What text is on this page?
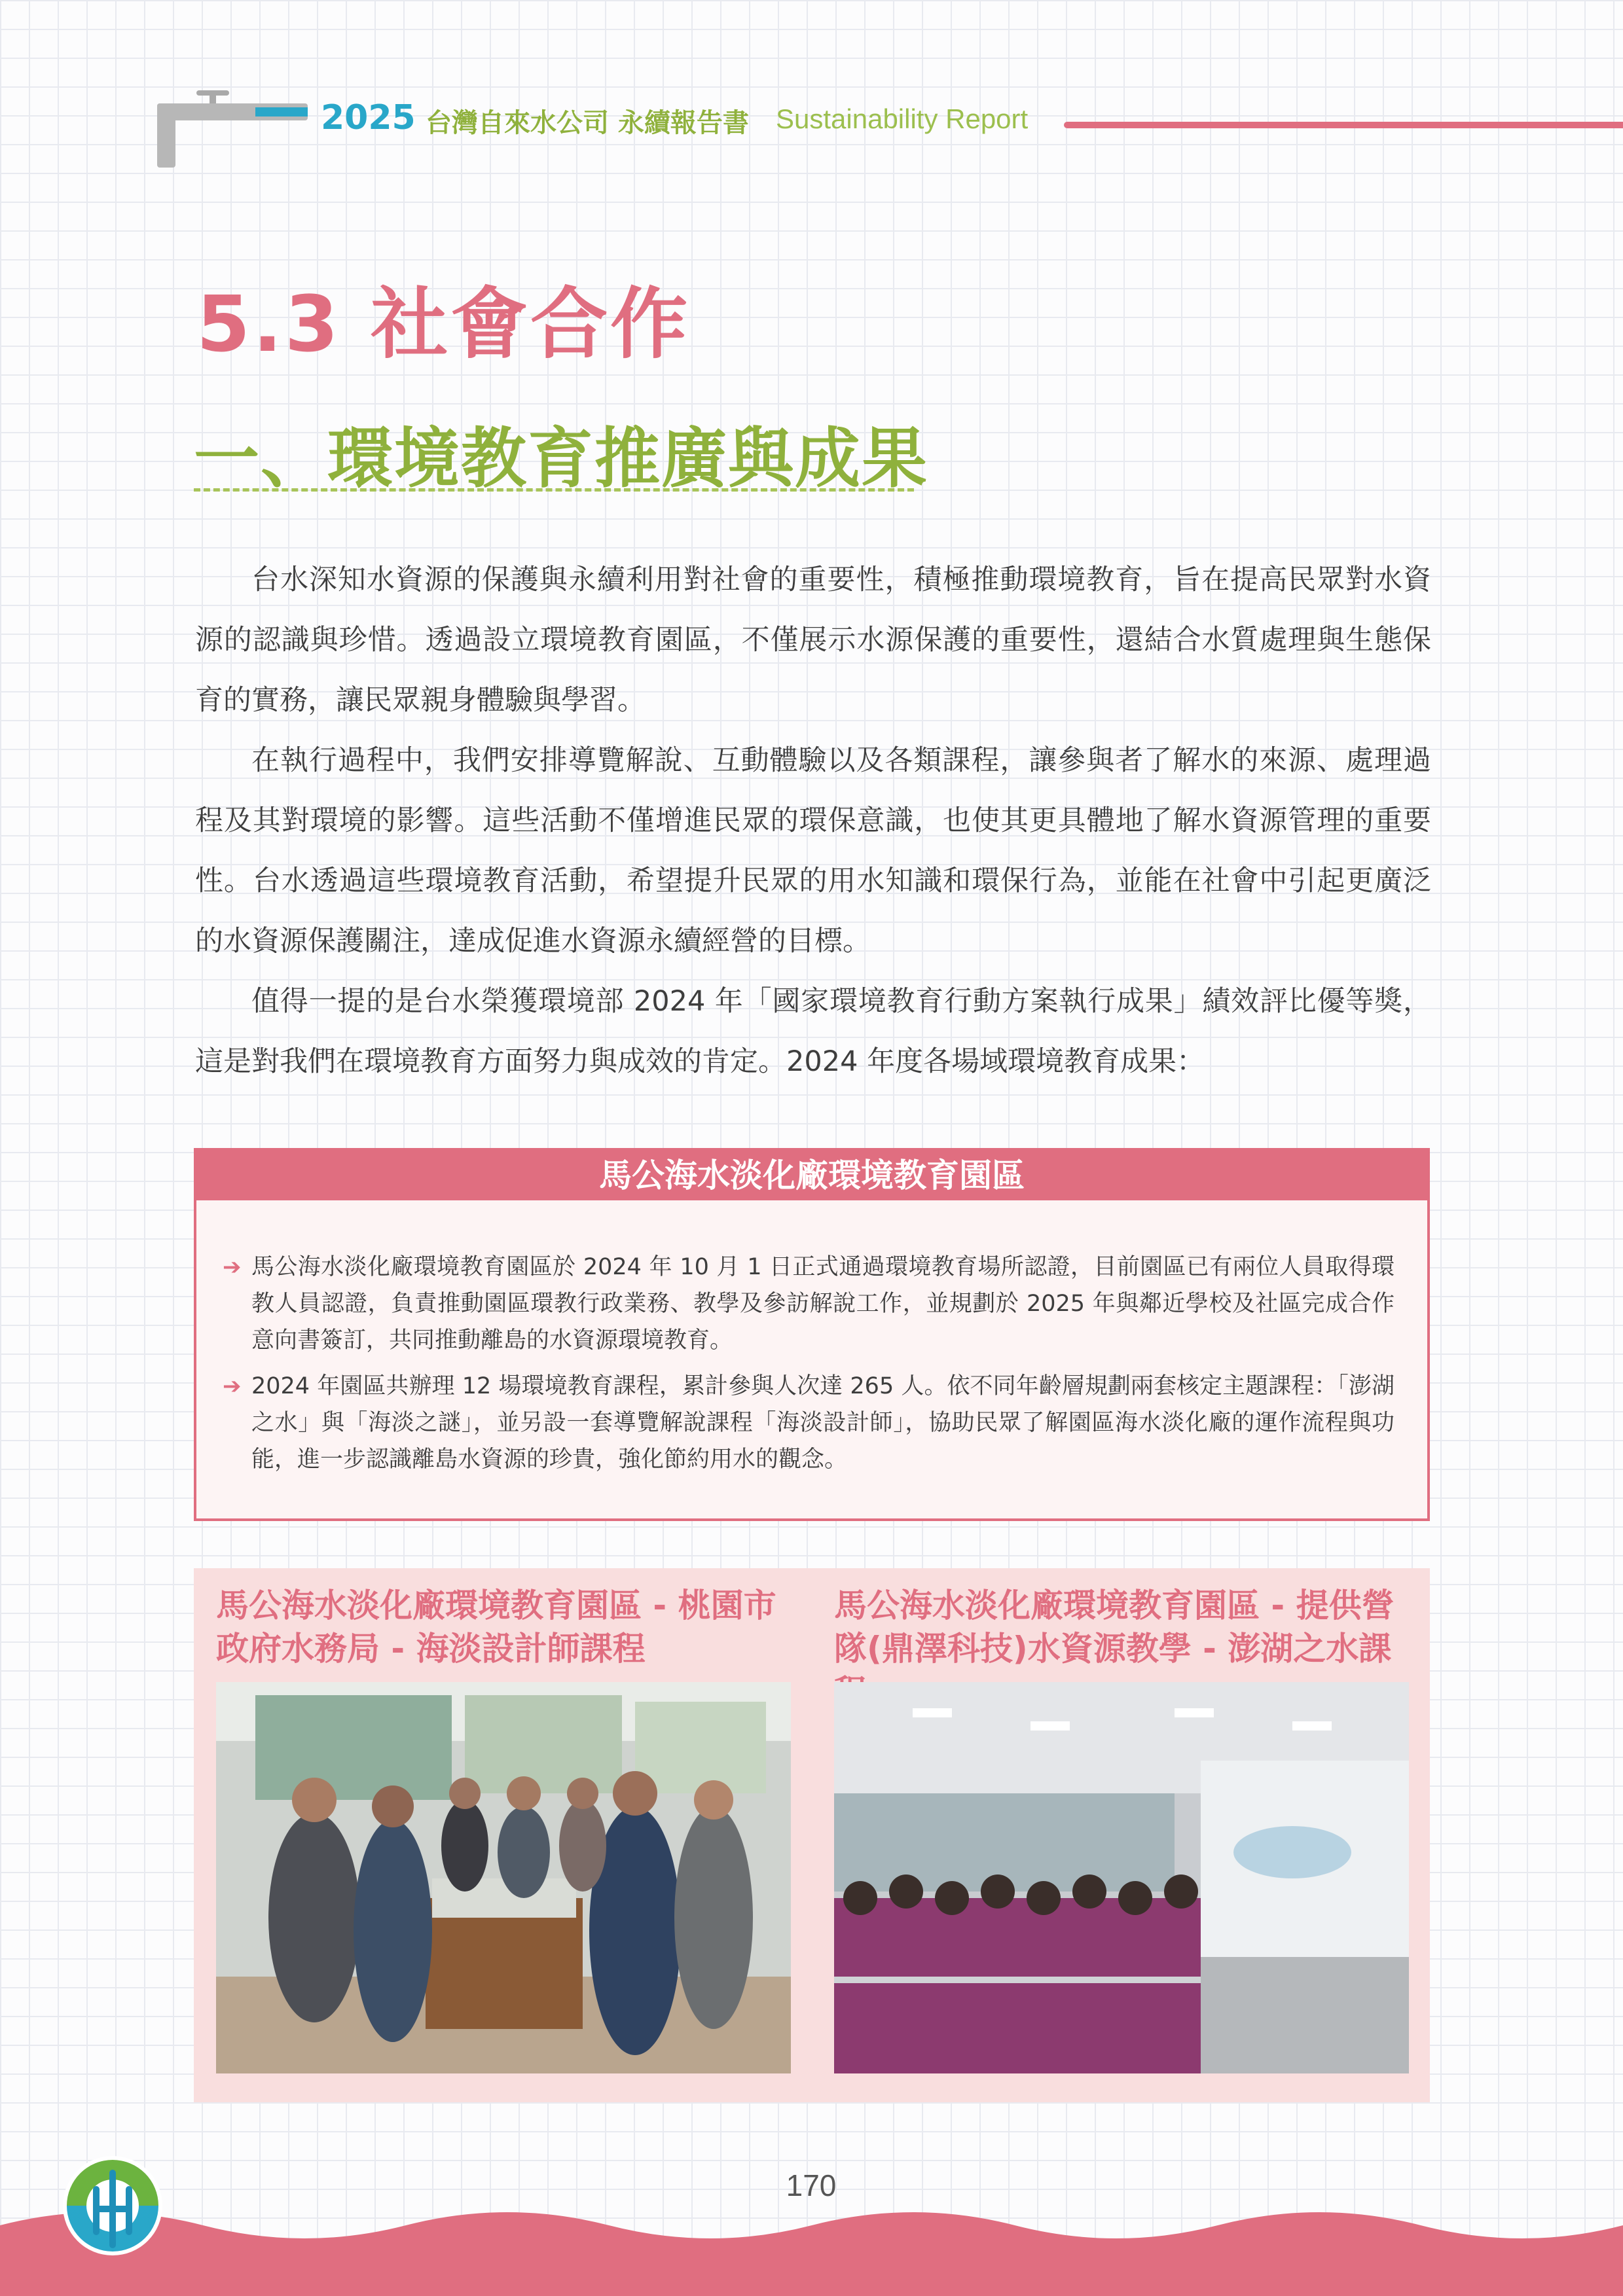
2025 台灣自來水公司 永續報告書 Sustainability Report
5.3 社會合作
一、環境教育推廣與成果

台水深知水資源的保護與永續利用對社會的重要性，積極推動環境教育，旨在提高民眾對水資源的認識與珍惜。透過設立環境教育園區，不僅展示水源保護的重要性，還結合水質處理與生態保育的實務，讓民眾親身體驗與學習。

在執行過程中，我們安排導覽解說、互動體驗以及各類課程，讓參與者了解水的來源、處理過程及其對環境的影響。這些活動不僅增進民眾的環保意識，也使其更具體地了解水資源管理的重要性。台水透過這些環境教育活動，希望提升民眾的用水知識和環保行為，並能在社會中引起更廣泛的水資源保護關注，達成促進水資源永續經營的目標。

值得一提的是台水榮獲環境部 2024 年「國家環境教育行動方案執行成果」績效評比優等獎，這是對我們在環境教育方面努力與成效的肯定。2024 年度各場域環境教育成果：

馬公海水淡化廠環境教育園區
➔ 馬公海水淡化廠環境教育園區於 2024 年 10 月 1 日正式通過環境教育場所認證，目前園區已有兩位人員取得環教人員認證，負責推動園區環教行政業務、教學及參訪解說工作，並規劃於 2025 年與鄰近學校及社區完成合作意向書簽訂，共同推動離島的水資源環境教育。
➔ 2024 年園區共辦理 12 場環境教育課程，累計參與人次達 265 人。依不同年齡層規劃兩套核定主題課程：「澎湖之水」與「海淡之謎」，並另設一套導覽解說課程「海淡設計師」，協助民眾了解園區海水淡化廠的運作流程與功能，進一步認識離島水資源的珍貴，強化節約用水的觀念。
馬公海水淡化廠環境教育園區 - 桃園市政府水務局 - 海淡設計師課程
馬公海水淡化廠環境教育園區 - 提供營隊(鼎澤科技)水資源教學 - 澎湖之水課
170
